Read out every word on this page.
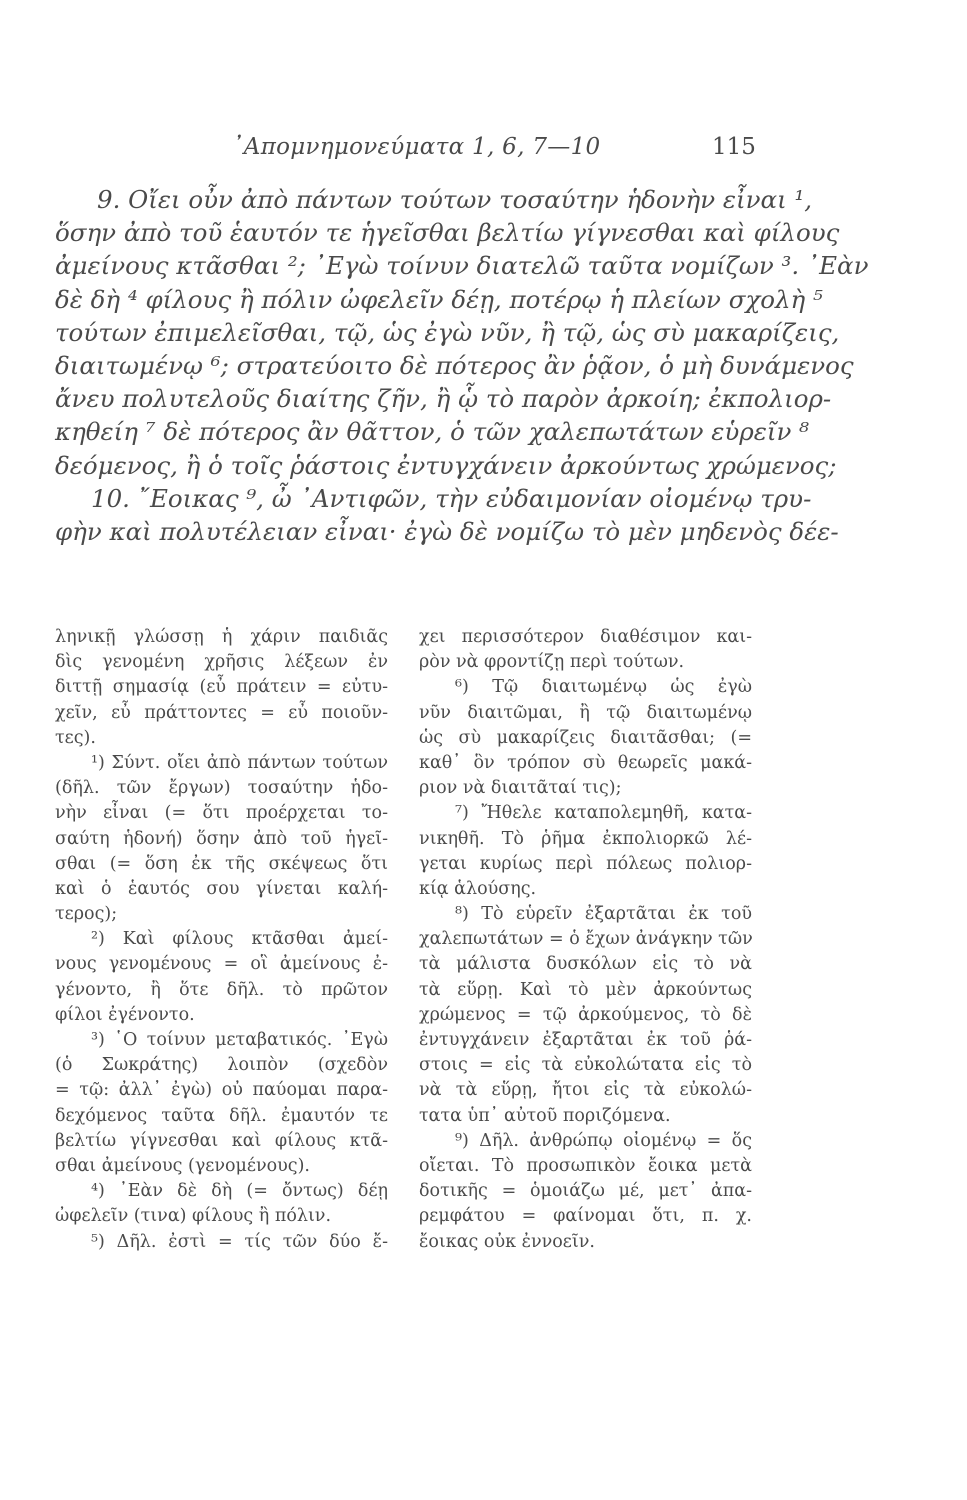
᾿Απομνημονεύματα 1, 6, 7—10	115
9. Οἴει οὖν ἀπὸ πάντων τούτων τοσαύτην ἡδονὴν εἶναι ¹,
ὅσην ἀπὸ τοῦ ἑαυτόν τε ἡγεῖσθαι βελτίω γίγνεσθαι καὶ φίλους
ἀμείνους κτᾶσθαι ²; ᾿Εγὼ τοίνυν διατελῶ ταῦτα νομίζων ³. ᾿Εὰν
δὲ δὴ ⁴ φίλους ἢ πόλιν ὠφελεῖν δέῃ, ποτέρῳ ἡ πλείων σχολὴ ⁵
τούτων ἐπιμελεῖσθαι, τῷ, ὡς ἐγὼ νῦν, ἢ τῷ, ὡς σὺ μακαρίζεις,
διαιτωμένῳ ⁶; στρατεύοιτο δὲ πότερος ἂν ῥᾷον, ὁ μὴ δυνάμενος
ἄνευ πολυτελοῦς διαίτης ζῆν, ἢ ᾧ τὸ παρὸν ἀρκοίη; ἐκπολιορ-
κηθείη ⁷ δὲ πότερος ἂν θᾶττον, ὁ τῶν χαλεπωτάτων εὑρεῖν ⁸
δεόμενος, ἢ ὁ τοῖς ῥάστοις ἐντυγχάνειν ἀρκούντως χρώμενος;
10. ῎Εοικας ⁹, ὦ ᾿Αντιφῶν, τὴν εὐδαιμονίαν οἰομένῳ τρυ-
φὴν καὶ πολυτέλειαν εἶναι· ἐγὼ δὲ νομίζω τὸ μὲν μηδενὸς δέε-
ληνικῇ γλώσσῃ ἡ χάριν παιδιᾶς
δὶς γενομένη χρῆσις λέξεων ἐν
διττῇ σημασίᾳ (εὖ πράτειν = εὐτυ-
χεῖν, εὖ πράττοντες = εὖ ποιοῦν-
τες).
¹) Σύντ. οἴει ἀπὸ πάντων τούτων
(δῆλ. τῶν ἔργων) τοσαύτην ἡδο-
νὴν εἶναι (= ὅτι προέρχεται το-
σαύτη ἡδονή) ὅσην ἀπὸ τοῦ ἡγεῖ-
σθαι (= ὅση ἐκ τῆς σκέψεως ὅτι
καὶ ὁ ἑαυτός σου γίνεται καλή-
τερος);
²) Καὶ φίλους κτᾶσθαι ἀμεί-
νους γενομένους = οἳ ἀμείνους ἐ-
γένοντο, ἢ ὅτε δῆλ. τὸ πρῶτον
φίλοι ἐγένοντο.
³) ῾Ο τοίνυν μεταβατικός. ᾿Εγὼ
(ὁ Σωκράτης) λοιπὸν (σχεδὸν
= τῷ: ἀλλ᾿ ἐγὼ) οὐ παύομαι παρα-
δεχόμενος ταῦτα δῆλ. ἐμαυτόν τε
βελτίω γίγνεσθαι καὶ φίλους κτᾶ-
σθαι ἀμείνους (γενομένους).
⁴) ᾿Εὰν δὲ δὴ (= ὄντως) δέῃ
ὠφελεῖν (τινα) φίλους ἢ πόλιν.
⁵) Δῆλ. ἐστὶ = τίς τῶν δύο ἔ-
χει περισσότερον διαθέσιμον και-
ρὸν νὰ φροντίζῃ περὶ τούτων.
⁶) Τῷ διαιτωμένῳ ὡς ἐγὼ
νῦν διαιτῶμαι, ἢ τῷ διαιτωμένῳ
ὡς σὺ μακαρίζεις διαιτᾶσθαι; (=
καθ᾿ ὃν τρόπον σὺ θεωρεῖς μακά-
ριον νὰ διαιτᾶταί τις);
⁷) Ἤθελε καταπολεμηθῆ, κατα-
νικηθῆ. Τὸ ῥῆμα ἐκπολιορκῶ λέ-
γεται κυρίως περὶ πόλεως πολιορ-
κίᾳ ἁλούσης.
⁸) Τὸ εὑρεῖν ἐξαρτᾶται ἐκ τοῦ
χαλεπωτάτων = ὁ ἔχων ἀνάγκην τῶν
τὰ μάλιστα δυσκόλων εἰς τὸ νὰ
τὰ εὕρῃ. Καὶ τὸ μὲν ἀρκούντως
χρώμενος = τῷ ἀρκούμενος, τὸ δὲ
ἐντυγχάνειν ἐξαρτᾶται ἐκ τοῦ ῥά-
στοις = εἰς τὰ εὐκολώτατα εἰς τὸ
νὰ τὰ εὕρῃ, ἤτοι εἰς τὰ εὐκολώ-
τατα ὑπ᾿ αὐτοῦ ποριζόμενα.
⁹) Δῆλ. ἀνθρώπῳ οἰομένῳ = ὅς
οἴεται. Τὸ προσωπικὸν ἔοικα μετὰ
δοτικῆς = ὁμοιάζω μέ, μετ᾿ ἀπα-
ρεμφάτου = φαίνομαι ὅτι, π. χ.
ἔοικας οὐκ ἐννοεῖν.
